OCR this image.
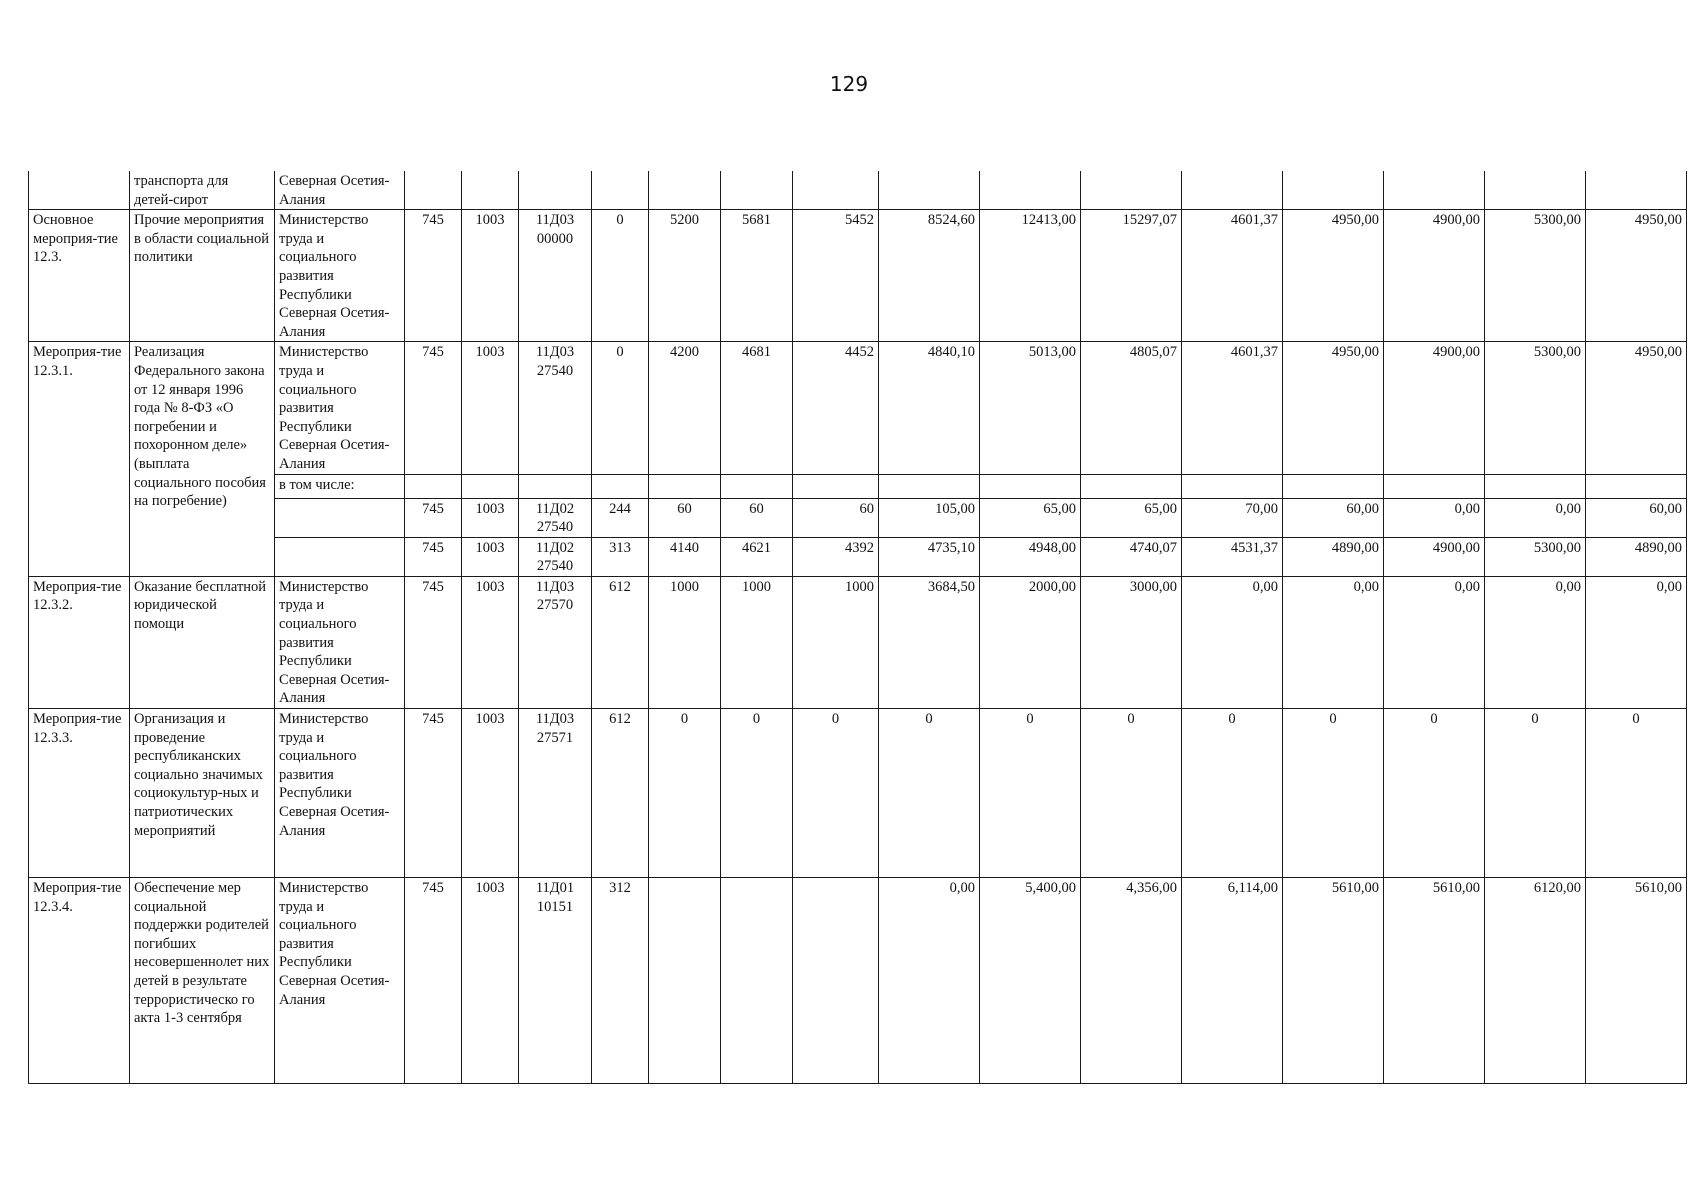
129
	транспорта для детей-сирот	Северная Осетия-Алания															
Основное мероприя-тие 12.3.	Прочие мероприятия в области социальной политики	Министерство труда и социального развития Республики Северная Осетия-Алания	745	1003	11Д03 00000	0	5200	5681	5452	8524,60	12413,00	15297,07	4601,37	4950,00	4900,00	5300,00	4950,00
Мероприя-тие 12.3.1.	Реализация Федерального закона от 12 января 1996 года № 8-ФЗ «О погребении и похоронном деле» (выплата социального пособия на погребение)	Министерство труда и социального развития Республики Северная Осетия-Алания	745	1003	11Д03 27540	0	4200	4681	4452	4840,10	5013,00	4805,07	4601,37	4950,00	4900,00	5300,00	4950,00
		в том числе:															
			745	1003	11Д02 27540	244	60	60	60	105,00	65,00	65,00	70,00	60,00	0,00	0,00	60,00
			745	1003	11Д02 27540	313	4140	4621	4392	4735,10	4948,00	4740,07	4531,37	4890,00	4900,00	5300,00	4890,00
Мероприя-тие 12.3.2.	Оказание бесплатной юридической помощи	Министерство труда и социального развития Республики Северная Осетия-Алания	745	1003	11Д03 27570	612	1000	1000	1000	3684,50	2000,00	3000,00	0,00	0,00	0,00	0,00	0,00
Мероприя-тие 12.3.3.	Организация и проведение республиканских социально значимых социокультур-ных и патриотических мероприятий	Министерство труда и социального развития Республики Северная Осетия-Алания	745	1003	11Д03 27571	612	0	0	0	0	0	0	0	0	0	0	0
Мероприя-тие 12.3.4.	Обеспечение мер социальной поддержки родителей погибших несовершеннолет них детей в результате террористическо го акта 1-3 сентября	Министерство труда и социального развития Республики Северная Осетия-Алания	745	1003	11Д01 10151	312				0,00	5,400,00	4,356,00	6,114,00	5610,00	5610,00	6120,00	5610,00
